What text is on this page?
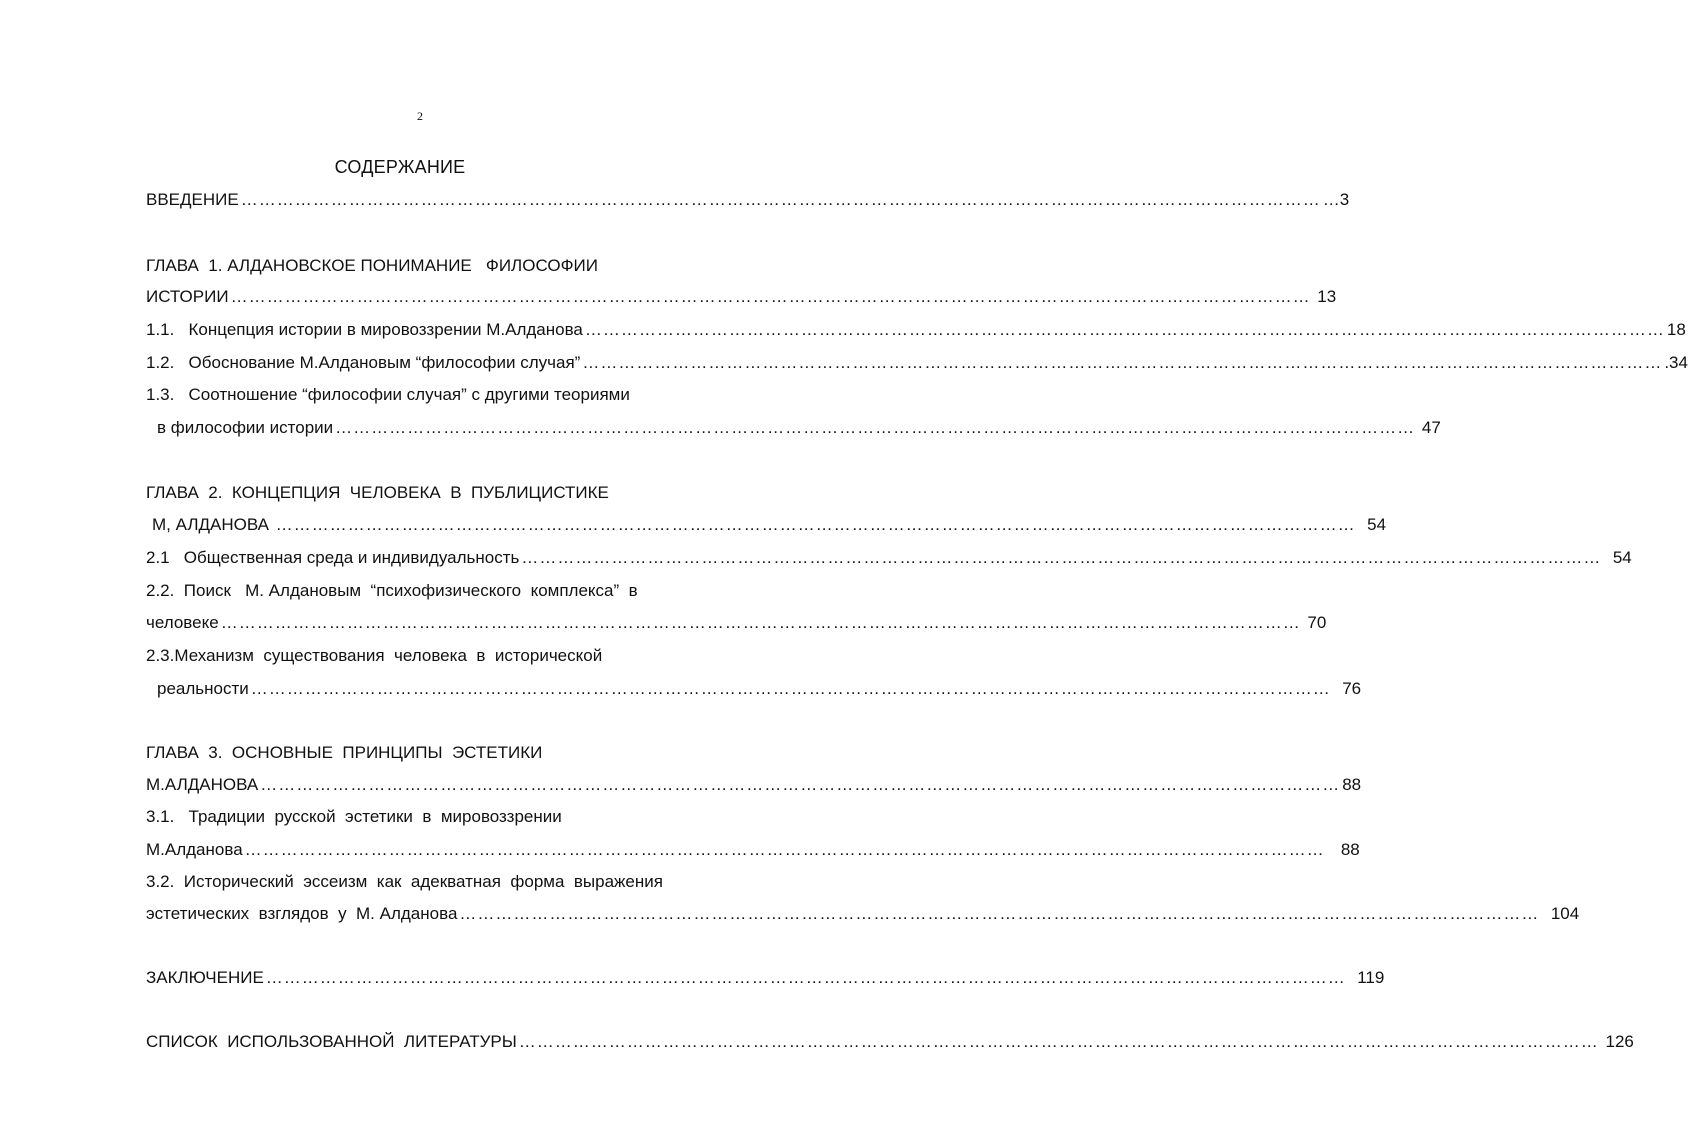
2
СОДЕРЖАНИЕ
ВВЕДЕНИЕ ……………………………………………………………………………………………………………………………………………………………… …3
ГЛАВА  1. АЛДАНОВСКОЕ ПОНИМАНИЕ   ФИЛОСОФИИ
ИСТОРИИ ……………………………………………………………………………………………………………………………………………………………… 13
1.1.   Концепция истории в мировоззрении М.Алданова ……………………………………………………………………………………………………………………………………………………………… 18
1.2.   Обоснование М.Алдановым “философии случая” ……………………………………………………………………………………………………………………………………………………………… .34
1.3.   Соотношение “философии случая” с другими теориями
в философии истории ……………………………………………………………………………………………………………………………………………………………… 47
ГЛАВА  2.  КОНЦЕПЦИЯ  ЧЕЛОВЕКА  В  ПУБЛИЦИСТИКЕ
М, АЛДАНОВА ……………………………………………………………………………………………………………………………………………………………… 54
2.1   Общественная среда и индивидуальность ……………………………………………………………………………………………………………………………………………………………… 54
2.2.  Поиск   М. Алдановым  “психофизического  комплекса”  в
человеке ……………………………………………………………………………………………………………………………………………………………… 70
2.3.Механизм  существования  человека  в  исторической
реальности ……………………………………………………………………………………………………………………………………………………………… 76
ГЛАВА  3.  ОСНОВНЫЕ  ПРИНЦИПЫ  ЭСТЕТИКИ
М.АЛДАНОВА ……………………………………………………………………………………………………………………………………………………………… 88
3.1.   Традиции  русской  эстетики  в  мировоззрении
М.Алданова ……………………………………………………………………………………………………………………………………………………………… 88
3.2.  Исторический  эссеизм  как  адекватная  форма  выражения
эстетических  взглядов  у  М. Алданова ……………………………………………………………………………………………………………………………………………………………… 104
ЗАКЛЮЧЕНИЕ ……………………………………………………………………………………………………………………………………………………………… 119
СПИСОК  ИСПОЛЬЗОВАННОЙ  ЛИТЕРАТУРЫ ……………………………………………………………………………………………………………………………………………………………… 126
